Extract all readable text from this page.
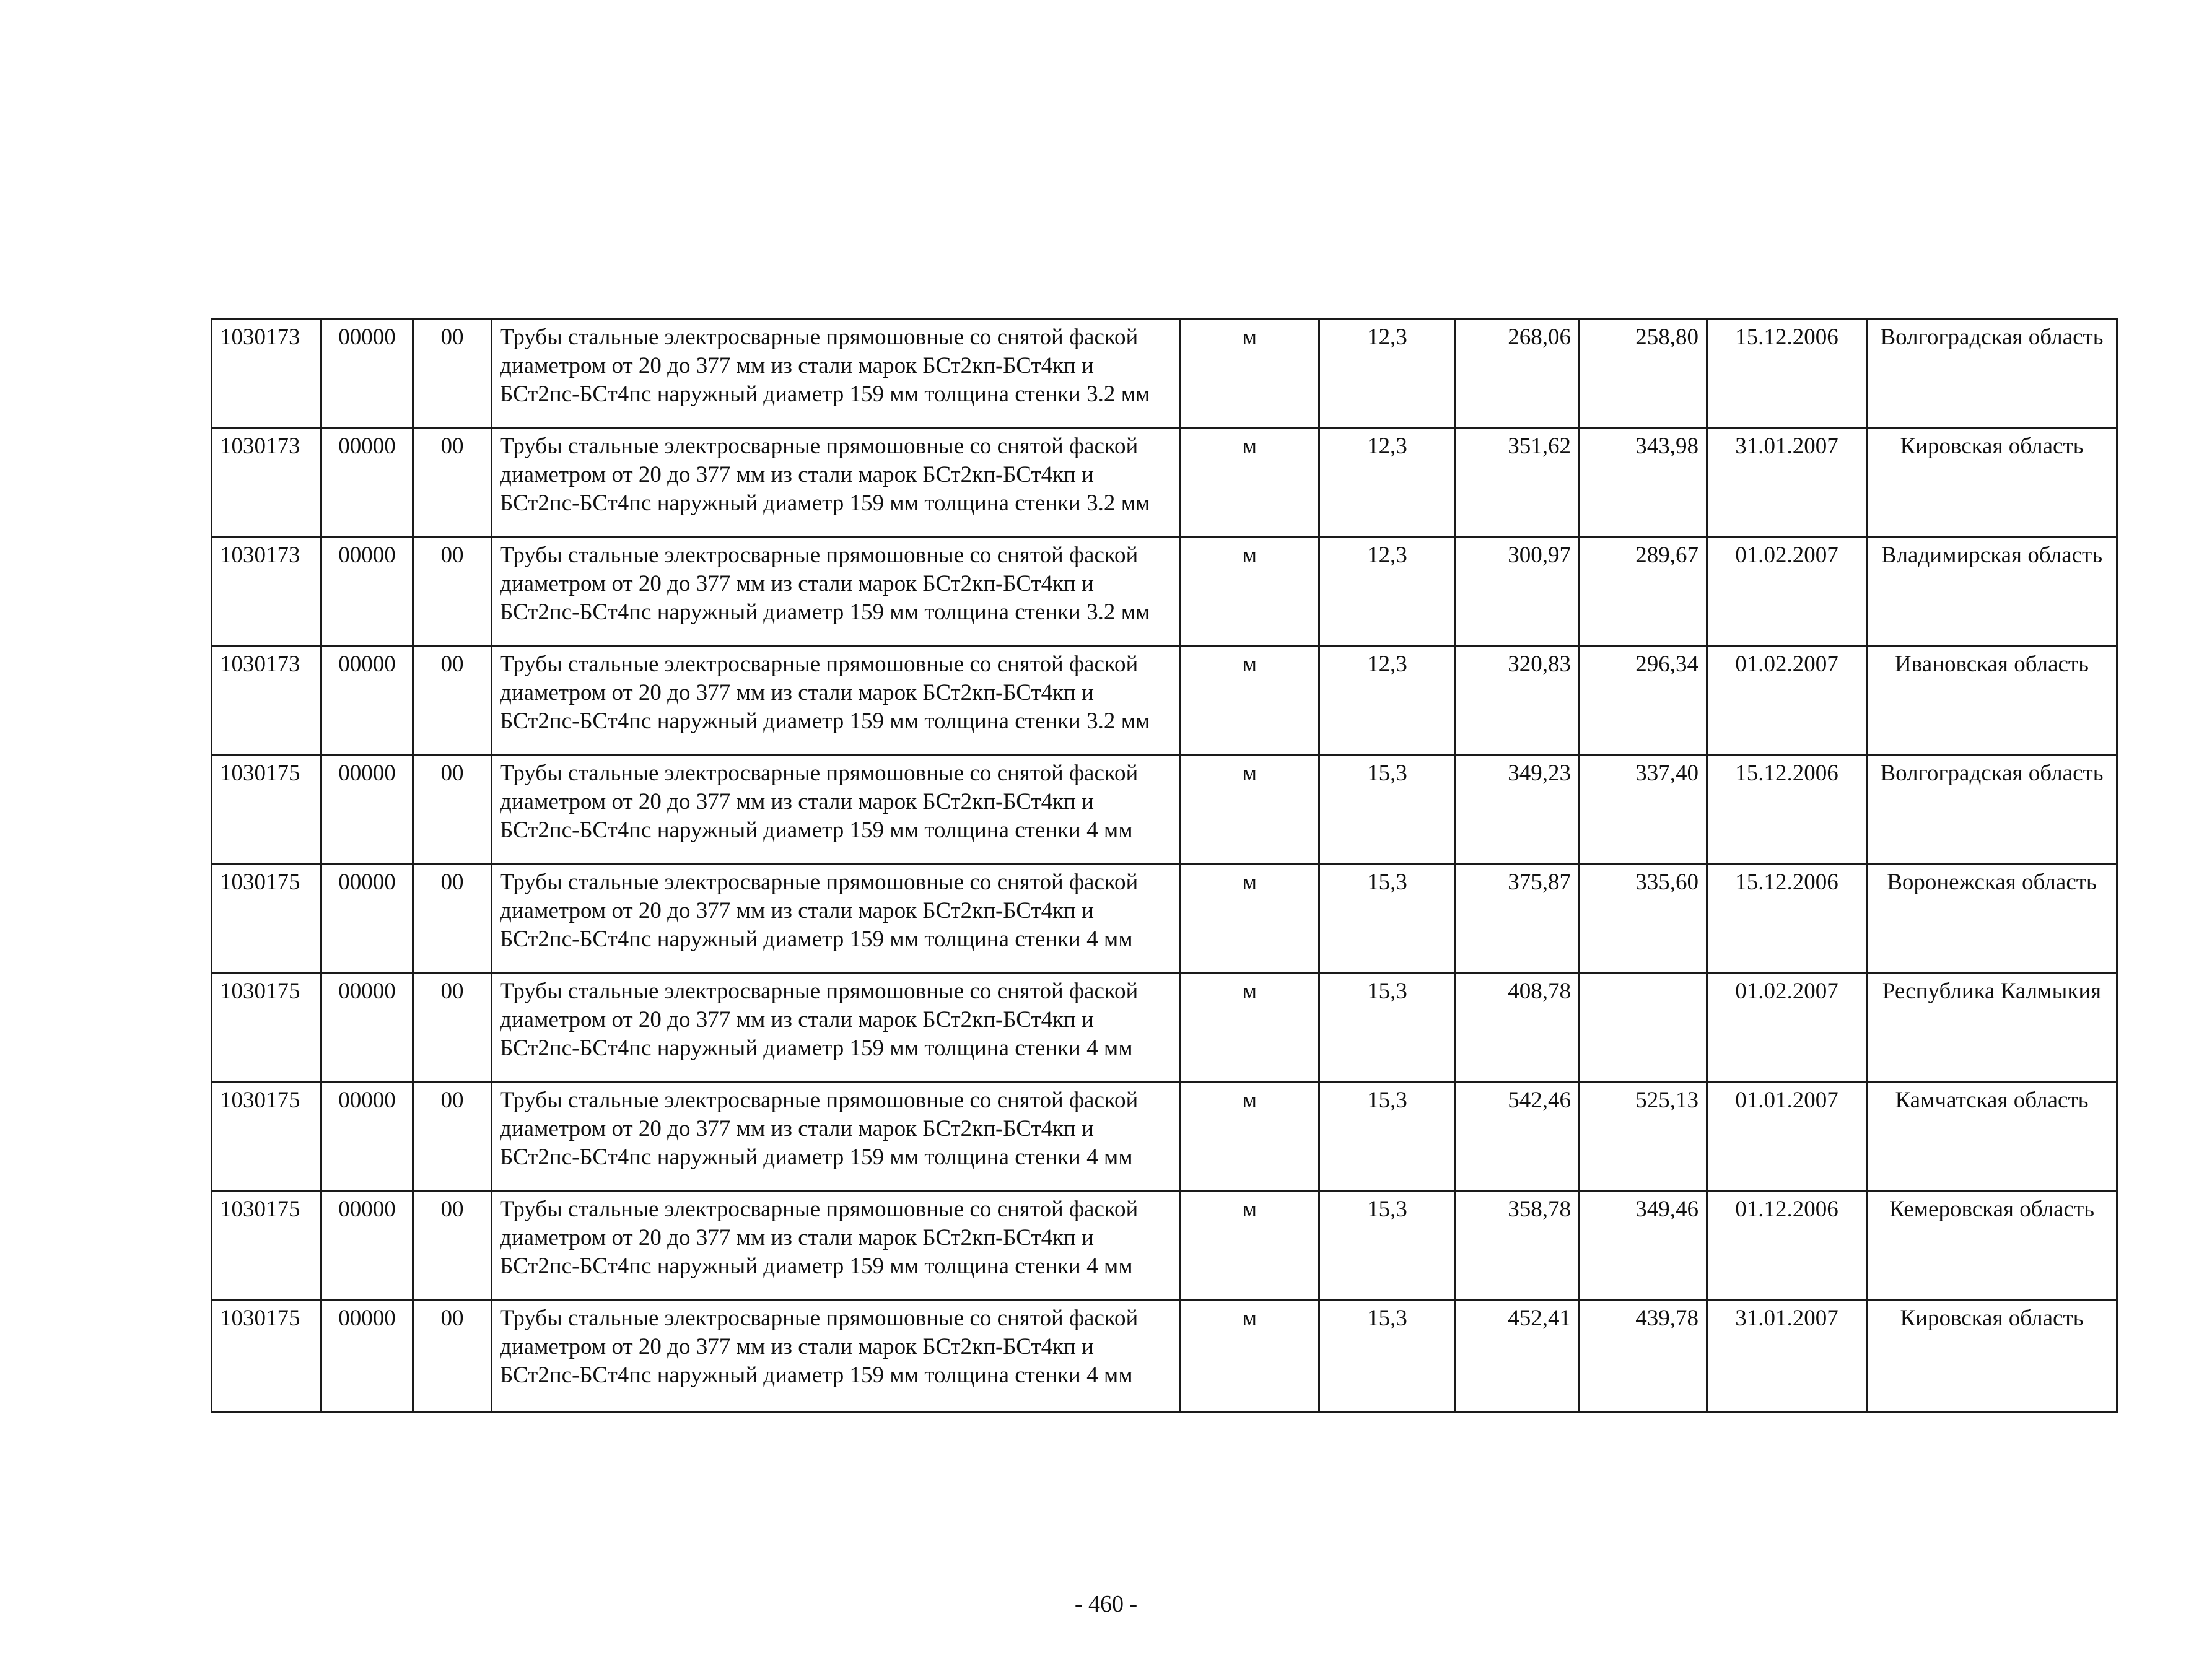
1030173	00000	00	Трубы стальные электросварные прямошовные со снятой фаской диаметром от 20 до 377 мм из стали марок БСт2кп-БСт4кп и БСт2пс-БСт4пс наружный диаметр 159 мм толщина стенки 3.2 мм	м	12,3	268,06	258,80	15.12.2006	Волгоградская область
1030173	00000	00	Трубы стальные электросварные прямошовные со снятой фаской диаметром от 20 до 377 мм из стали марок БСт2кп-БСт4кп и БСт2пс-БСт4пс наружный диаметр 159 мм толщина стенки 3.2 мм	м	12,3	351,62	343,98	31.01.2007	Кировская область
1030173	00000	00	Трубы стальные электросварные прямошовные со снятой фаской диаметром от 20 до 377 мм из стали марок БСт2кп-БСт4кп и БСт2пс-БСт4пс наружный диаметр 159 мм толщина стенки 3.2 мм	м	12,3	300,97	289,67	01.02.2007	Владимирская область
1030173	00000	00	Трубы стальные электросварные прямошовные со снятой фаской диаметром от 20 до 377 мм из стали марок БСт2кп-БСт4кп и БСт2пс-БСт4пс наружный диаметр 159 мм толщина стенки 3.2 мм	м	12,3	320,83	296,34	01.02.2007	Ивановская область
1030175	00000	00	Трубы стальные электросварные прямошовные со снятой фаской диаметром от 20 до 377 мм из стали марок БСт2кп-БСт4кп и БСт2пс-БСт4пс наружный диаметр 159 мм толщина стенки 4 мм	м	15,3	349,23	337,40	15.12.2006	Волгоградская область
1030175	00000	00	Трубы стальные электросварные прямошовные со снятой фаской диаметром от 20 до 377 мм из стали марок БСт2кп-БСт4кп и БСт2пс-БСт4пс наружный диаметр 159 мм толщина стенки 4 мм	м	15,3	375,87	335,60	15.12.2006	Воронежская область
1030175	00000	00	Трубы стальные электросварные прямошовные со снятой фаской диаметром от 20 до 377 мм из стали марок БСт2кп-БСт4кп и БСт2пс-БСт4пс наружный диаметр 159 мм толщина стенки 4 мм	м	15,3	408,78		01.02.2007	Республика Калмыкия
1030175	00000	00	Трубы стальные электросварные прямошовные со снятой фаской диаметром от 20 до 377 мм из стали марок БСт2кп-БСт4кп и БСт2пс-БСт4пс наружный диаметр 159 мм толщина стенки 4 мм	м	15,3	542,46	525,13	01.01.2007	Камчатская область
1030175	00000	00	Трубы стальные электросварные прямошовные со снятой фаской диаметром от 20 до 377 мм из стали марок БСт2кп-БСт4кп и БСт2пс-БСт4пс наружный диаметр 159 мм толщина стенки 4 мм	м	15,3	358,78	349,46	01.12.2006	Кемеровская область
1030175	00000	00	Трубы стальные электросварные прямошовные со снятой фаской диаметром от 20 до 377 мм из стали марок БСт2кп-БСт4кп и БСт2пс-БСт4пс наружный диаметр 159 мм толщина стенки 4 мм	м	15,3	452,41	439,78	31.01.2007	Кировская область
- 460 -
